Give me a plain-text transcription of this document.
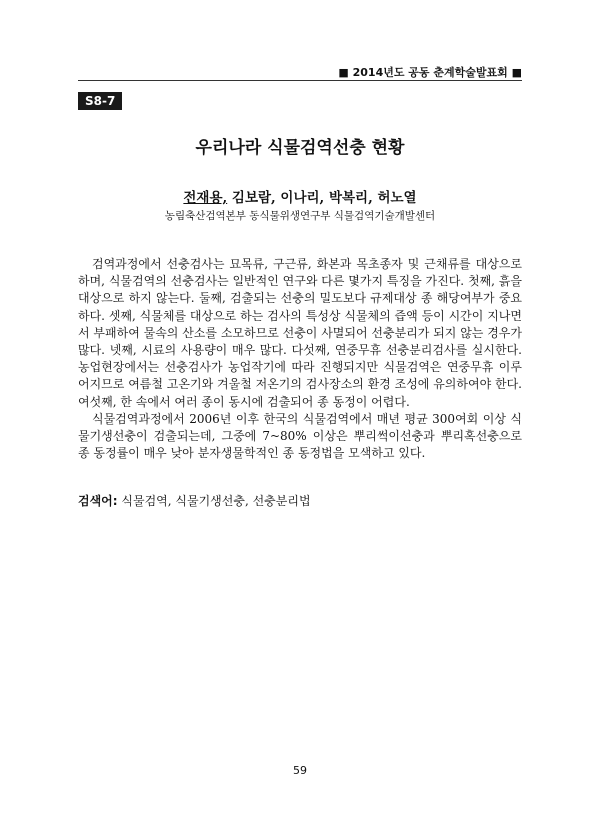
■ 2014년도 공동 춘계학술발표회 ■
S8-7
우리나라 식물검역선충 현황
전재용, 김보람, 이나리, 박복리, 허노열
농림축산검역본부 동식물위생연구부 식물검역기술개발센터

검역과정에서 선충검사는 묘목류, 구근류, 화본과 목초종자 및 근채류를 대상으로 하며, 식물검역의 선충검사는 일반적인 연구와 다른 몇가지 특징을 가진다. 첫째, 흙을 대상으로 하지 않는다. 둘째, 검출되는 선충의 밀도보다 규제대상 종 해당여부가 중요하다. 셋째, 식물체를 대상으로 하는 검사의 특성상 식물체의 즙액 등이 시간이 지나면서 부패하여 물속의 산소를 소모하므로 선충이 사멸되어 선충분리가 되지 않는 경우가 많다. 넷째, 시료의 사용량이 매우 많다. 다섯째, 연중무휴 선충분리검사를 실시한다. 농업현장에서는 선충검사가 농업작기에 따라 진행되지만 식물검역은 연중무휴 이루어지므로 여름철 고온기와 겨울철 저온기의 검사장소의 환경 조성에 유의하여야 한다. 여섯째, 한 속에서 여러 종이 동시에 검출되어 종 동정이 어렵다.

식물검역과정에서 2006년 이후 한국의 식물검역에서 매년 평균 300여회 이상 식물기생선충이 검출되는데, 그중에 7~80% 이상은 뿌리썩이선충과 뿌리혹선충으로 종 동정률이 매우 낮아 분자생물학적인 종 동정법을 모색하고 있다.

검색어: 식물검역, 식물기생선충, 선충분리법
59
